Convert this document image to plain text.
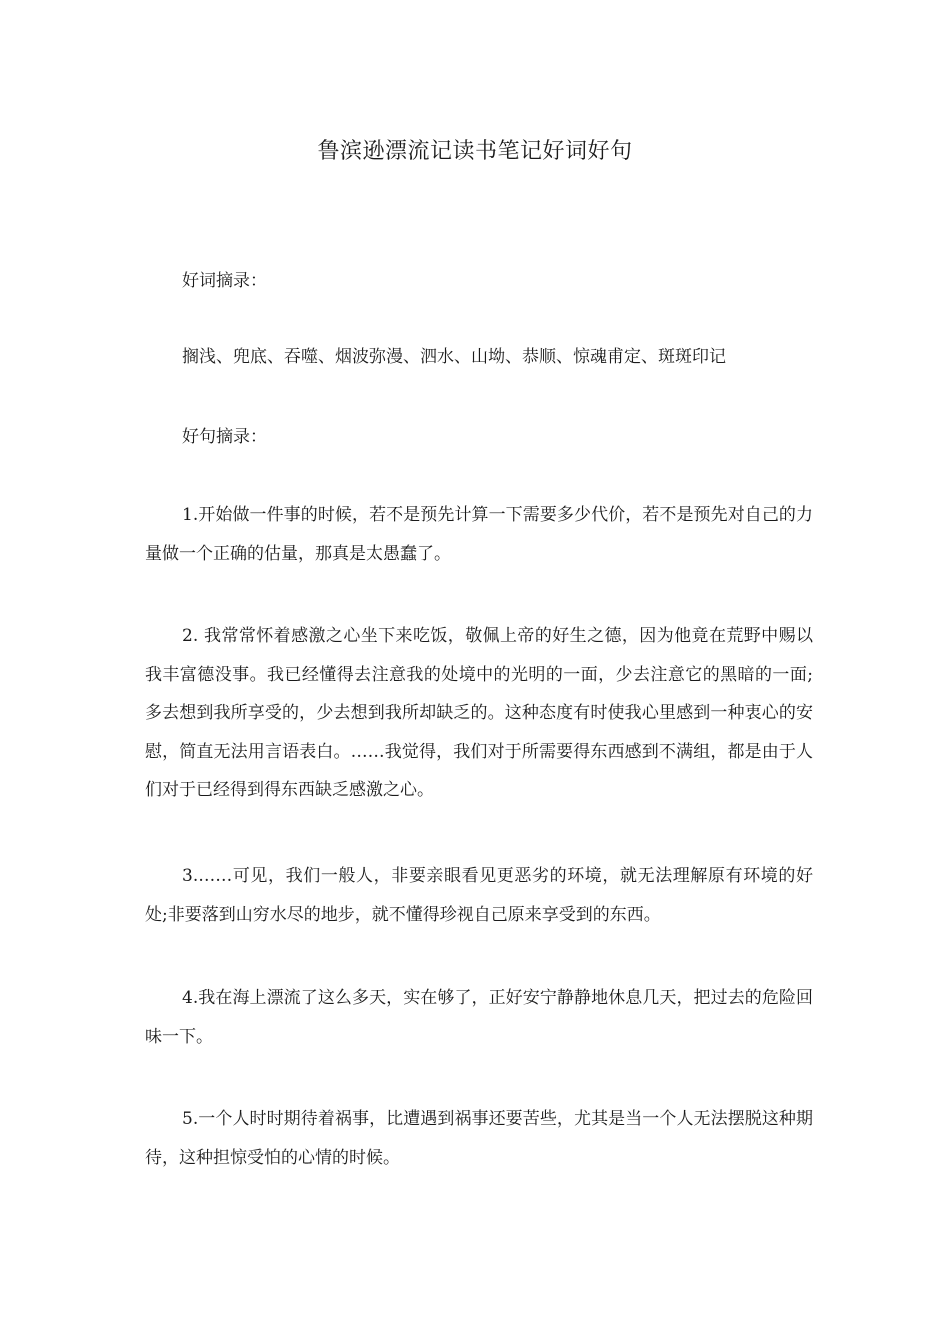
鲁滨逊漂流记读书笔记好词好句

好词摘录：

搁浅、兜底、吞噬、烟波弥漫、泗水、山坳、恭顺、惊魂甫定、斑斑印记

好句摘录：

1.开始做一件事的时候，若不是预先计算一下需要多少代价，若不是预先对自己的力量做一个正确的估量，那真是太愚蠢了。

2. 我常常怀着感激之心坐下来吃饭，敬佩上帝的好生之德，因为他竟在荒野中赐以我丰富德没事。我已经懂得去注意我的处境中的光明的一面，少去注意它的黑暗的一面;多去想到我所享受的，少去想到我所却缺乏的。这种态度有时使我心里感到一种衷心的安慰，简直无法用言语表白。……我觉得，我们对于所需要得东西感到不满组，都是由于人们对于已经得到得东西缺乏感激之心。

3.……可见，我们一般人，非要亲眼看见更恶劣的环境，就无法理解原有环境的好处;非要落到山穷水尽的地步，就不懂得珍视自己原来享受到的东西。

4.我在海上漂流了这么多天，实在够了，正好安宁静静地休息几天，把过去的危险回味一下。

5.一个人时时期待着祸事，比遭遇到祸事还要苦些，尤其是当一个人无法摆脱这种期待，这种担惊受怕的心情的时候。
